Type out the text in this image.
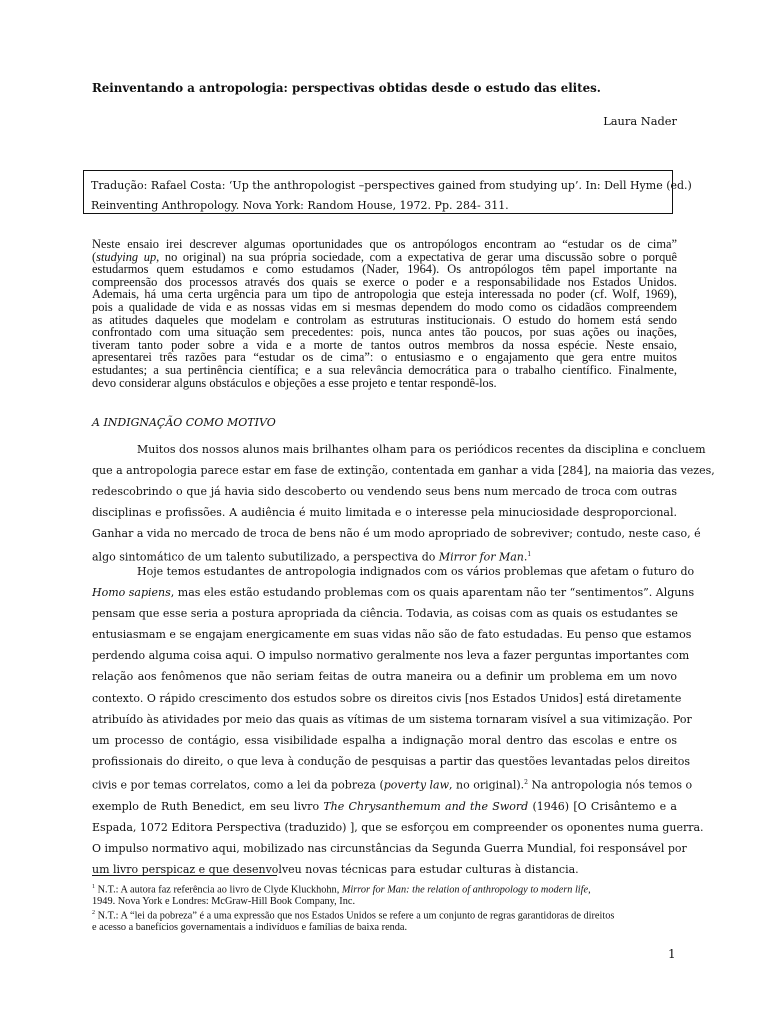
Reinventando a antropologia: perspectivas obtidas desde o estudo das elites.
Laura Nader
Tradução: Rafael Costa: ‘Up the anthropologist –perspectives gained from studying up’. In: Dell Hyme (ed.)
Reinventing Anthropology. Nova York: Random House, 1972. Pp. 284- 311.
Neste ensaio irei descrever algumas oportunidades que os antropólogos encontram ao “estudar os de cima”
(studying up, no original) na sua própria sociedade, com a expectativa de gerar uma discussão sobre o porquê
estudarmos quem estudamos e como estudamos (Nader, 1964). Os antropólogos têm papel importante na
compreensão dos processos através dos quais se exerce o poder e a responsabilidade nos Estados Unidos.
Ademais, há uma certa urgência para um tipo de antropologia que esteja interessada no poder (cf. Wolf, 1969),
pois a qualidade de vida e as nossas vidas em si mesmas dependem do modo como os cidadãos compreendem
as atitudes daqueles que modelam e controlam as estruturas institucionais. O estudo do homem está sendo
confrontado com uma situação sem precedentes: pois, nunca antes tão poucos, por suas ações ou inações,
tiveram tanto poder sobre a vida e a morte de tantos outros membros da nossa espécie. Neste ensaio,
apresentarei três razões para “estudar os de cima”: o entusiasmo e o engajamento que gera entre muitos
estudantes; a sua pertinência científica; e a sua relevância democrática para o trabalho científico. Finalmente,
devo considerar alguns obstáculos e objeções a esse projeto e tentar respondê-los.
A INDIGNAÇÃO COMO MOTIVO
Muitos dos nossos alunos mais brilhantes olham para os periódicos recentes da disciplina e concluem
que a antropologia parece estar em fase de extinção, contentada em ganhar a vida [284], na maioria das vezes,
redescobrindo o que já havia sido descoberto ou vendendo seus bens num mercado de troca com outras
disciplinas e profissões. A audiência é muito limitada e o interesse pela minuciosidade desproporcional.
Ganhar a vida no mercado de troca de bens não é um modo apropriado de sobreviver; contudo, neste caso, é
algo sintomático de um talento subutilizado, a perspectiva do Mirror for Man.$^1$
Hoje temos estudantes de antropologia indignados com os vários problemas que afetam o futuro do
Homo sapiens, mas eles estão estudando problemas com os quais aparentam não ter “sentimentos”. Alguns
pensam que esse seria a postura apropriada da ciência. Todavia, as coisas com as quais os estudantes se
entusiasmam e se engajam energicamente em suas vidas não são de fato estudadas. Eu penso que estamos
perdendo alguma coisa aqui. O impulso normativo geralmente nos leva a fazer perguntas importantes com
relação aos fenômenos que não seriam feitas de outra maneira ou a definir um problema em um novo
contexto. O rápido crescimento dos estudos sobre os direitos civis [nos Estados Unidos] está diretamente
atribuído às atividades por meio das quais as vítimas de um sistema tornaram visível a sua vitimização. Por
um processo de contágio, essa visibilidade espalha a indignação moral dentro das escolas e entre os
profissionais do direito, o que leva à condução de pesquisas a partir das questões levantadas pelos direitos
civis e por temas correlatos, como a lei da pobreza (poverty law, no original).$^2$ Na antropologia nós temos o
exemplo de Ruth Benedict, em seu livro The Chrysanthemum and the Sword (1946) [O Crisântemo e a
Espada, 1072 Editora Perspectiva (traduzido) ], que se esforçou em compreender os oponentes numa guerra.
O impulso normativo aqui, mobilizado nas circunstâncias da Segunda Guerra Mundial, foi responsável por
um livro perspicaz e que desenvolveu novas técnicas para estudar culturas à distancia.
$^1$ N.T.: A autora faz referência ao livro de Clyde Kluckhohn, Mirror for Man: the relation of anthropology to modern life,
1949. Nova York e Londres: McGraw-Hill Book Company, Inc.
$^2$ N.T.: A “lei da pobreza” é a uma expressão que nos Estados Unidos se refere a um conjunto de regras garantidoras de direitos
e acesso a banefícios governamentais a indivíduos e famílias de baixa renda.
1
